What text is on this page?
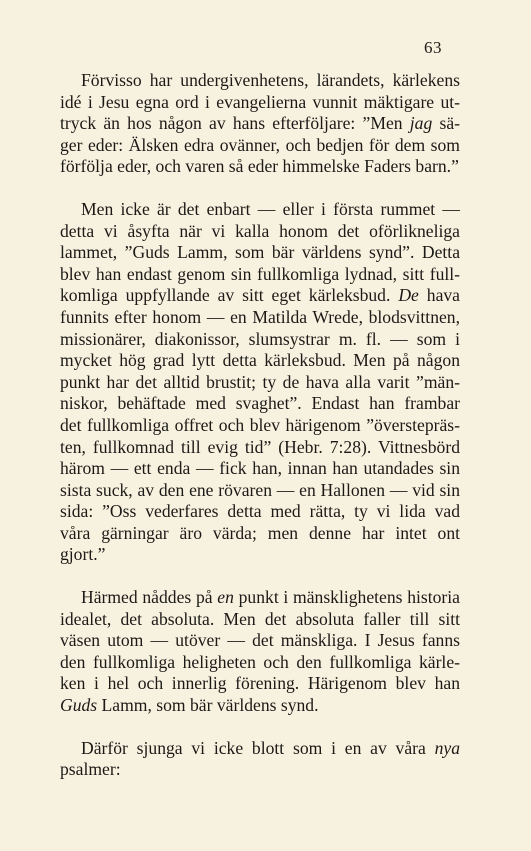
63
Förvisso har undergivenhetens, lärandets, kärlekens
idé i Jesu egna ord i evangelierna vunnit mäktigare ut-
tryck än hos någon av hans efterföljare: ”Men jag sä-
ger eder: Älsken edra ovänner, och bedjen för dem som
förfölja eder, och varen så eder himmelske Faders barn.”
Men icke är det enbart — eller i första rummet —
detta vi åsyfta när vi kalla honom det oförlikneliga
lammet, ”Guds Lamm, som bär världens synd”. Detta
blev han endast genom sin fullkomliga lydnad, sitt full-
komliga uppfyllande av sitt eget kärleksbud. De hava
funnits efter honom — en Matilda Wrede, blodsvittnen,
missionärer, diakonissor, slumsystrar m. fl. — som i
mycket hög grad lytt detta kärleksbud. Men på någon
punkt har det alltid brustit; ty de hava alla varit ”män-
niskor, behäftade med svaghet”. Endast han frambar
det fullkomliga offret och blev härigenom ”överstepräs-
ten, fullkomnad till evig tid” (Hebr. 7:28). Vittnesbörd
härom — ett enda — fick han, innan han utandades sin
sista suck, av den ene rövaren — en Hallonen — vid sin
sida: ”Oss vederfares detta med rätta, ty vi lida vad
våra gärningar äro värda; men denne har intet ont
gjort.”
Härmed nåddes på en punkt i mänsklighetens historia
idealet, det absoluta. Men det absoluta faller till sitt
väsen utom — utöver — det mänskliga. I Jesus fanns
den fullkomliga heligheten och den fullkomliga kärle-
ken i hel och innerlig förening. Härigenom blev han
Guds Lamm, som bär världens synd.
Därför sjunga vi icke blott som i en av våra nya
psalmer:
